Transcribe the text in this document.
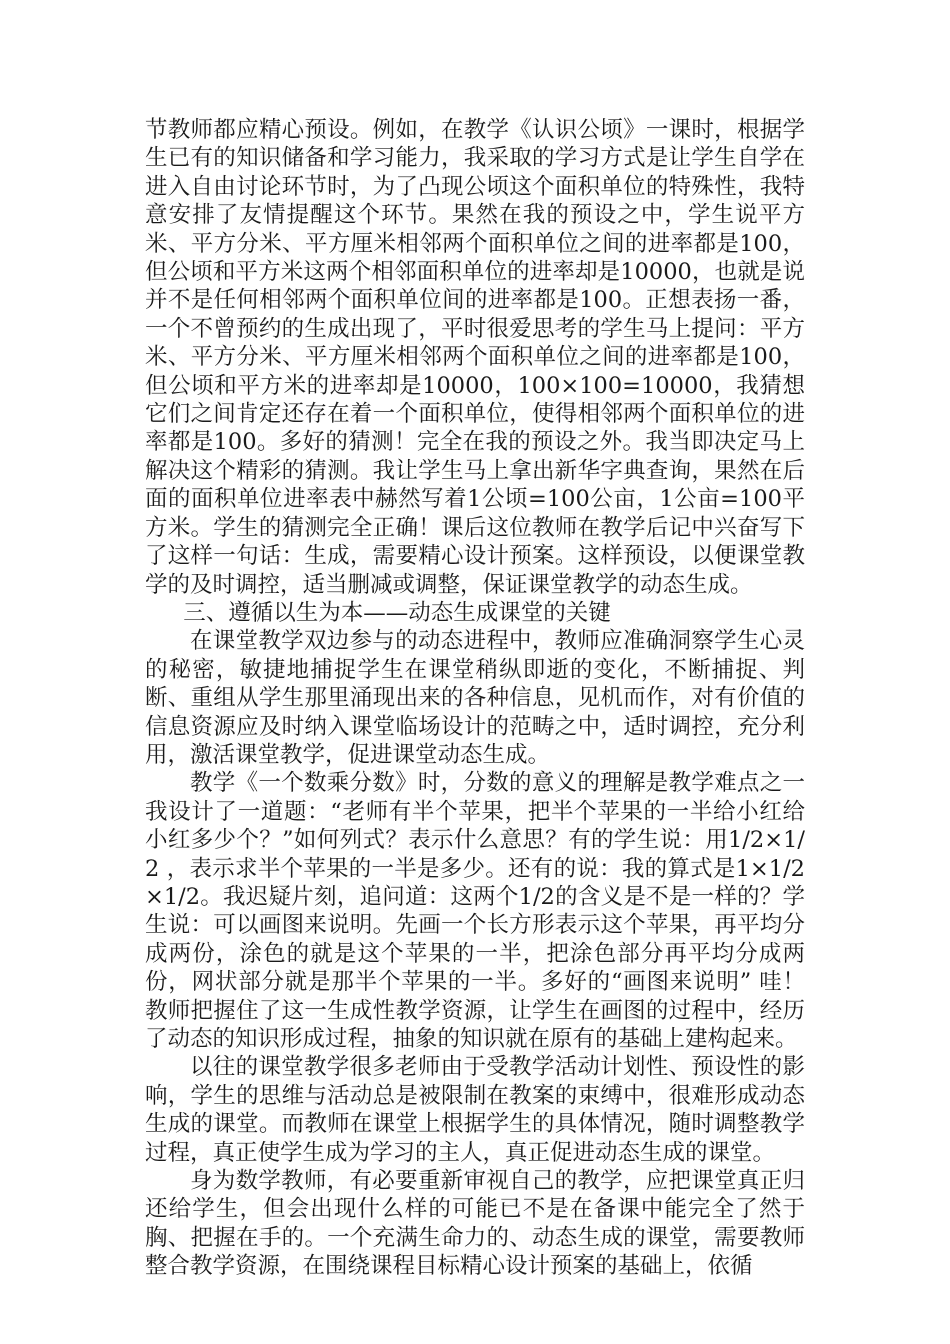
节教师都应精心预设。例如，在教学《认识公顷》一课时，根据学生已有的知识储备和学习能力，我采取的学习方式是让学生自学在进入自由讨论环节时，为了凸现公顷这个面积单位的特殊性，我特意安排了友情提醒这个环节。果然在我的预设之中，学生说平方米、平方分米、平方厘米相邻两个面积单位之间的进率都是100，但公顷和平方米这两个相邻面积单位的进率却是10000，也就是说并不是任何相邻两个面积单位间的进率都是100。正想表扬一番，一个不曾预约的生成出现了，平时很爱思考的学生马上提问：平方米、平方分米、平方厘米相邻两个面积单位之间的进率都是100，但公顷和平方米的进率却是10000，100×100=10000，我猜想它们之间肯定还存在着一个面积单位，使得相邻两个面积单位的进率都是100。多好的猜测！完全在我的预设之外。我当即决定马上解决这个精彩的猜测。我让学生马上拿出新华字典查询，果然在后面的面积单位进率表中赫然写着1公顷=100公亩，1公亩=100平方米。学生的猜测完全正确！课后这位教师在教学后记中兴奋写下了这样一句话：生成，需要精心设计预案。这样预设，以便课堂教学的及时调控，适当删减或调整，保证课堂教学的动态生成。

三、遵循以生为本——动态生成课堂的关键

在课堂教学双边参与的动态进程中，教师应准确洞察学生心灵的秘密，敏捷地捕捉学生在课堂稍纵即逝的变化，不断捕捉、判断、重组从学生那里涌现出来的各种信息，见机而作，对有价值的信息资源应及时纳入课堂临场设计的范畴之中，适时调控，充分利用，激活课堂教学，促进课堂动态生成。

教学《一个数乘分数》时，分数的意义的理解是教学难点之一我设计了一道题：“老师有半个苹果，把半个苹果的一半给小红给小红多少个？”如何列式？表示什么意思？有的学生说：用1/2×1/2 ，表示求半个苹果的一半是多少。还有的说：我的算式是1×1/2×1/2。我迟疑片刻，追问道：这两个1/2的含义是不是一样的？学生说：可以画图来说明。先画一个长方形表示这个苹果，再平均分成两份，涂色的就是这个苹果的一半，把涂色部分再平均分成两份，网状部分就是那半个苹果的一半。多好的“画图来说明” 哇！教师把握住了这一生成性教学资源，让学生在画图的过程中，经历了动态的知识形成过程，抽象的知识就在原有的基础上建构起来。

以往的课堂教学很多老师由于受教学活动计划性、预设性的影响，学生的思维与活动总是被限制在教案的束缚中，很难形成动态生成的课堂。而教师在课堂上根据学生的具体情况，随时调整教学过程，真正使学生成为学习的主人，真正促进动态生成的课堂。

身为数学教师，有必要重新审视自己的教学，应把课堂真正归还给学生，但会出现什么样的可能已不是在备课中能完全了然于胸、把握在手的。一个充满生命力的、动态生成的课堂，需要教师整合教学资源，在围绕课程目标精心设计预案的基础上，依循
